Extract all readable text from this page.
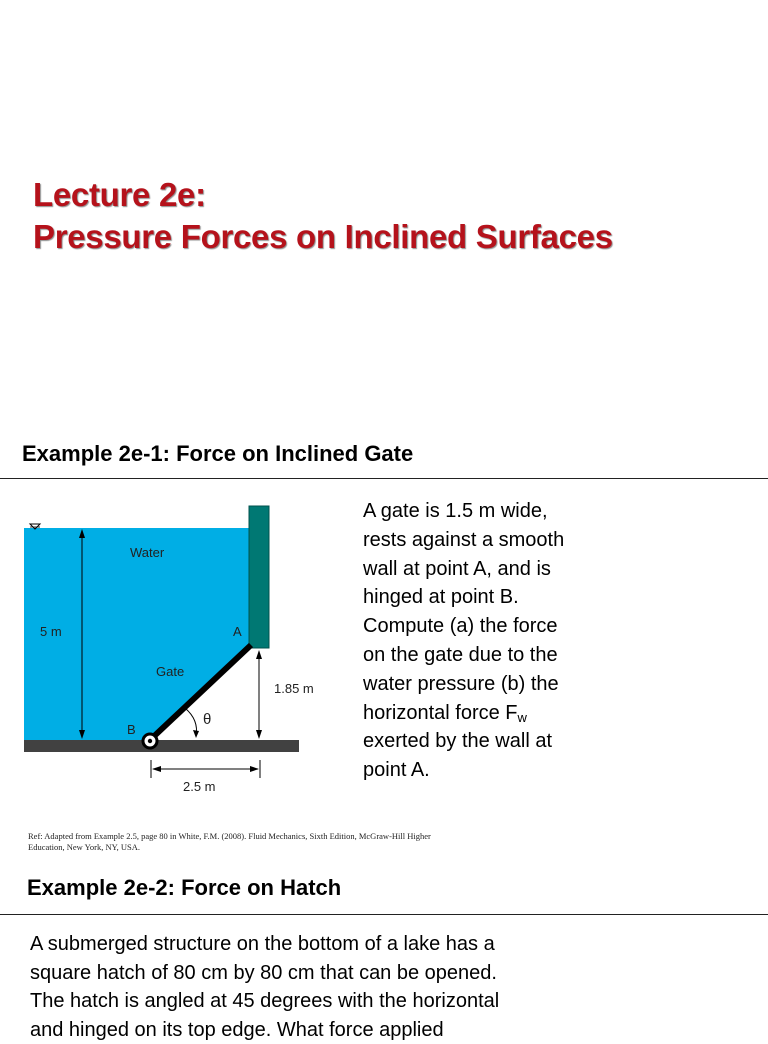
Lecture 2e:
Pressure Forces on Inclined Surfaces
Example 2e-1: Force on Inclined Gate
Water
5 m	A
Gate
1.85 m
B
θ
2.5 m

A gate is 1.5 m wide,
rests against a smooth
wall at point A, and is
hinged at point B.
Compute (a) the force
on the gate due to the
water pressure (b) the
horizontal force $F_w$
exerted by the wall at
point A.

Ref: Adapted from Example 2.5, page 80 in White, F.M. (2008). Fluid Mechanics, Sixth Edition, McGraw-Hill Higher
Education, New York, NY, USA.

Example 2e-2: Force on Hatch

A submerged structure on the bottom of a lake has a
square hatch of 80 cm by 80 cm that can be opened.
The hatch is angled at 45 degrees with the horizontal
and hinged on its top edge. What force applied
